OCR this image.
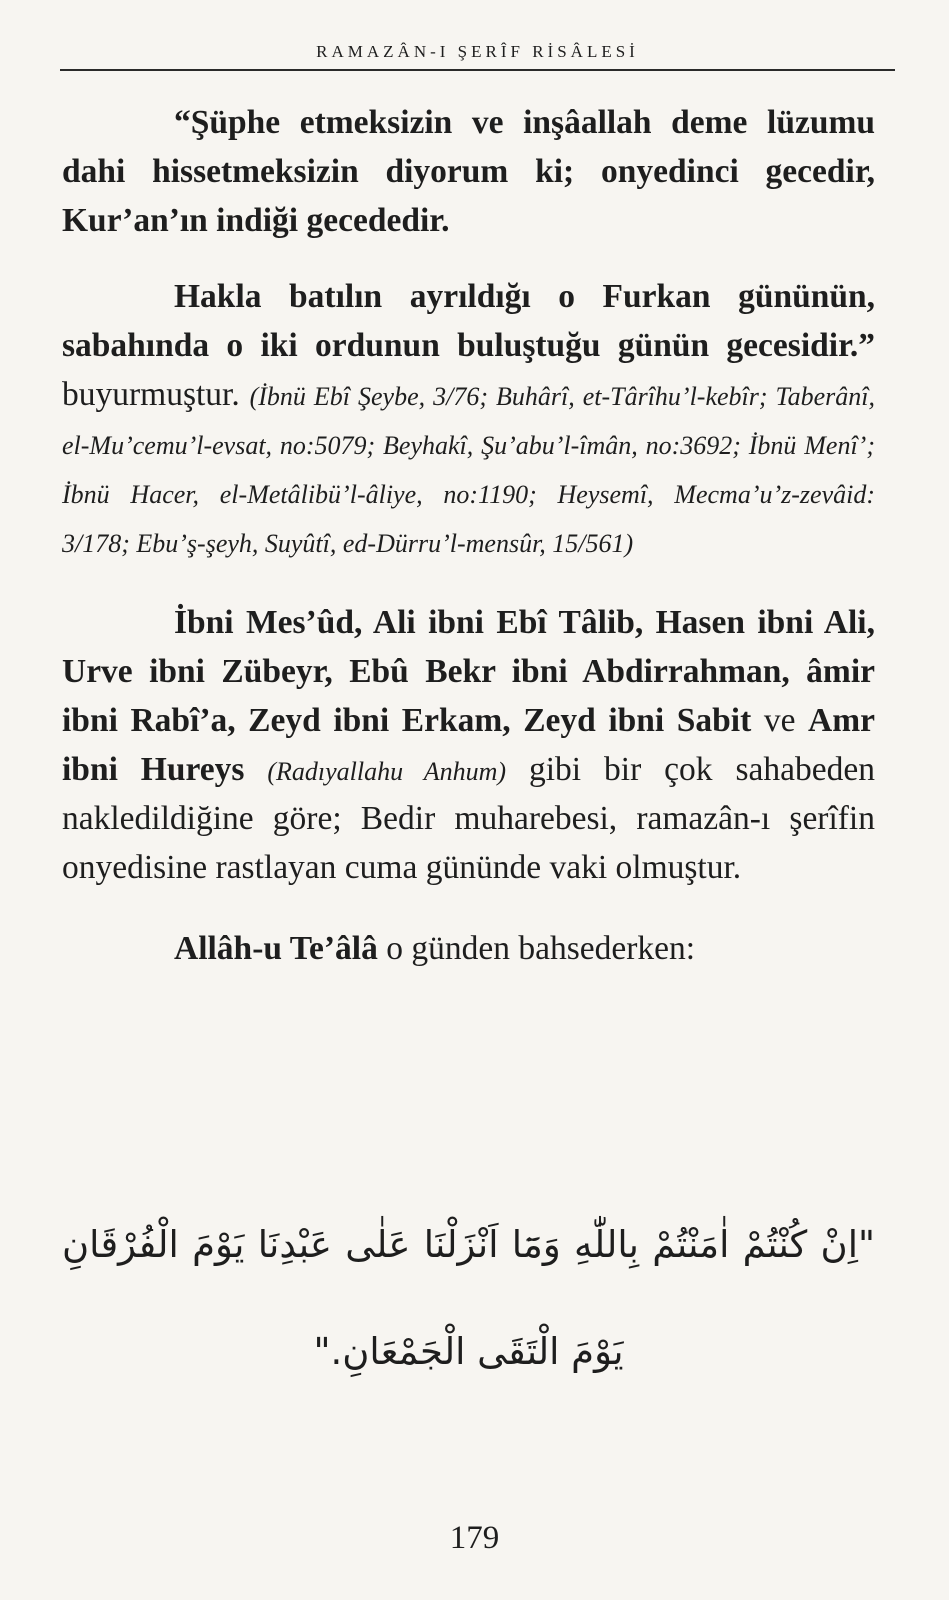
RAMAZÂN-I ŞERÎF RİSÂLESİ

“Şüphe etmeksizin ve inşâallah deme lüzumu dahi hissetmeksizin diyorum ki; onyedinci gecedir, Kur’an’ın indiği gecededir.

Hakla batılın ayrıldığı o Furkan gününün, sabahında o iki ordunun buluştuğu günün gecesidir.” buyurmuştur. (İbnü Ebî Şeybe, 3/76; Buhârî, et-Târîhu’l-kebîr; Taberânî, el-Mu’cemu’l-evsat, no:5079; Beyhakî, Şu’abu’l-îmân, no:3692; İbnü Menî’; İbnü Hacer, el-Metâlibü’l-âliye, no:1190; Heysemî, Mecma’u’z-zevâid: 3/178; Ebu’ş-şeyh, Suyûtî, ed-Dürru’l-mensûr, 15/561)

İbni Mes’ûd, Ali ibni Ebî Tâlib, Hasen ibni Ali, Urve ibni Zübeyr, Ebû Bekr ibni Abdirrahman, âmir ibni Rabî’a, Zeyd ibni Erkam, Zeyd ibni Sabit ve Amr ibni Hureys (Radıyallahu Anhum) gibi bir çok sahabeden nakledildiğine göre; Bedir muharebesi, ramazân-ı şerîfin onyedisine rastlayan cuma gününde vaki olmuştur.

Allâh-u Te’âlâ o günden bahsederken:

"اِنْ كُنْتُمْ اٰمَنْتُمْ بِاللّٰهِ وَمَٓا اَنْزَلْنَا عَلٰى عَبْدِنَا يَوْمَ الْفُرْقَانِ
يَوْمَ الْتَقَى الْجَمْعَانِ."
179
